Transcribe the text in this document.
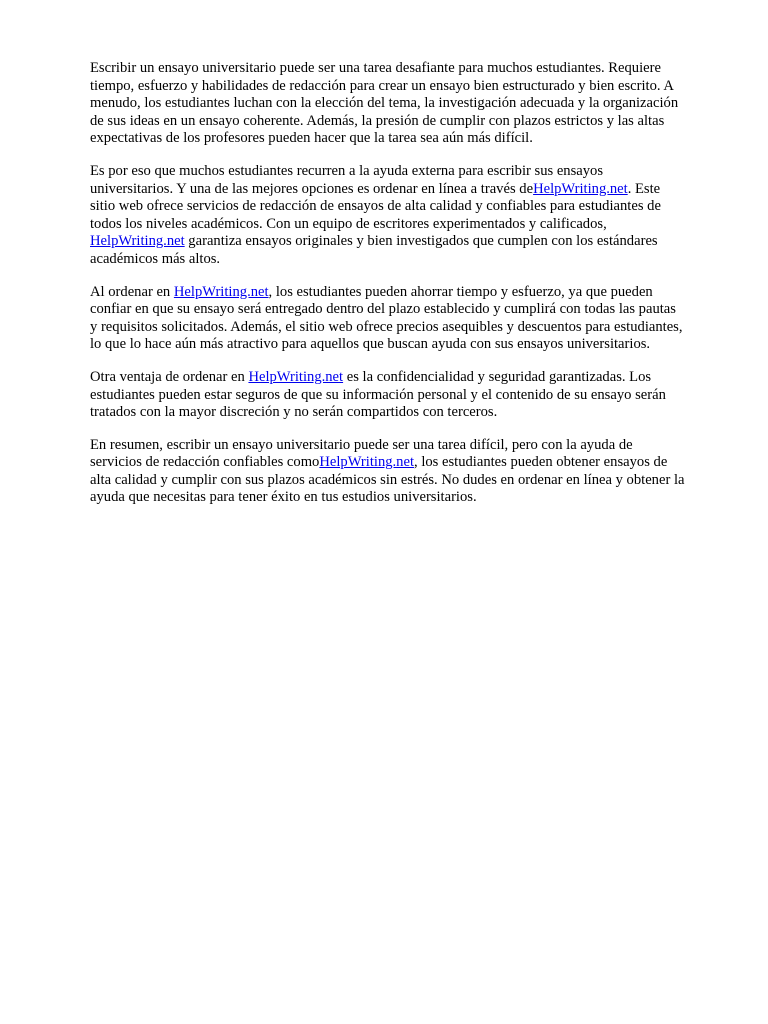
Escribir un ensayo universitario puede ser una tarea desafiante para muchos estudiantes. Requiere
tiempo, esfuerzo y habilidades de redacción para crear un ensayo bien estructurado y bien escrito. A
menudo, los estudiantes luchan con la elección del tema, la investigación adecuada y la organización
de sus ideas en un ensayo coherente. Además, la presión de cumplir con plazos estrictos y las altas
expectativas de los profesores pueden hacer que la tarea sea aún más difícil.

Es por eso que muchos estudiantes recurren a la ayuda externa para escribir sus ensayos
universitarios. Y una de las mejores opciones es ordenar en línea a través deHelpWriting.net. Este
sitio web ofrece servicios de redacción de ensayos de alta calidad y confiables para estudiantes de
todos los niveles académicos. Con un equipo de escritores experimentados y calificados,
HelpWriting.net garantiza ensayos originales y bien investigados que cumplen con los estándares
académicos más altos.

Al ordenar en HelpWriting.net, los estudiantes pueden ahorrar tiempo y esfuerzo, ya que pueden
confiar en que su ensayo será entregado dentro del plazo establecido y cumplirá con todas las pautas
y requisitos solicitados. Además, el sitio web ofrece precios asequibles y descuentos para estudiantes,
lo que lo hace aún más atractivo para aquellos que buscan ayuda con sus ensayos universitarios.

Otra ventaja de ordenar en HelpWriting.net es la confidencialidad y seguridad garantizadas. Los
estudiantes pueden estar seguros de que su información personal y el contenido de su ensayo serán
tratados con la mayor discreción y no serán compartidos con terceros.

En resumen, escribir un ensayo universitario puede ser una tarea difícil, pero con la ayuda de
servicios de redacción confiables comoHelpWriting.net, los estudiantes pueden obtener ensayos de
alta calidad y cumplir con sus plazos académicos sin estrés. No dudes en ordenar en línea y obtener la
ayuda que necesitas para tener éxito en tus estudios universitarios.
